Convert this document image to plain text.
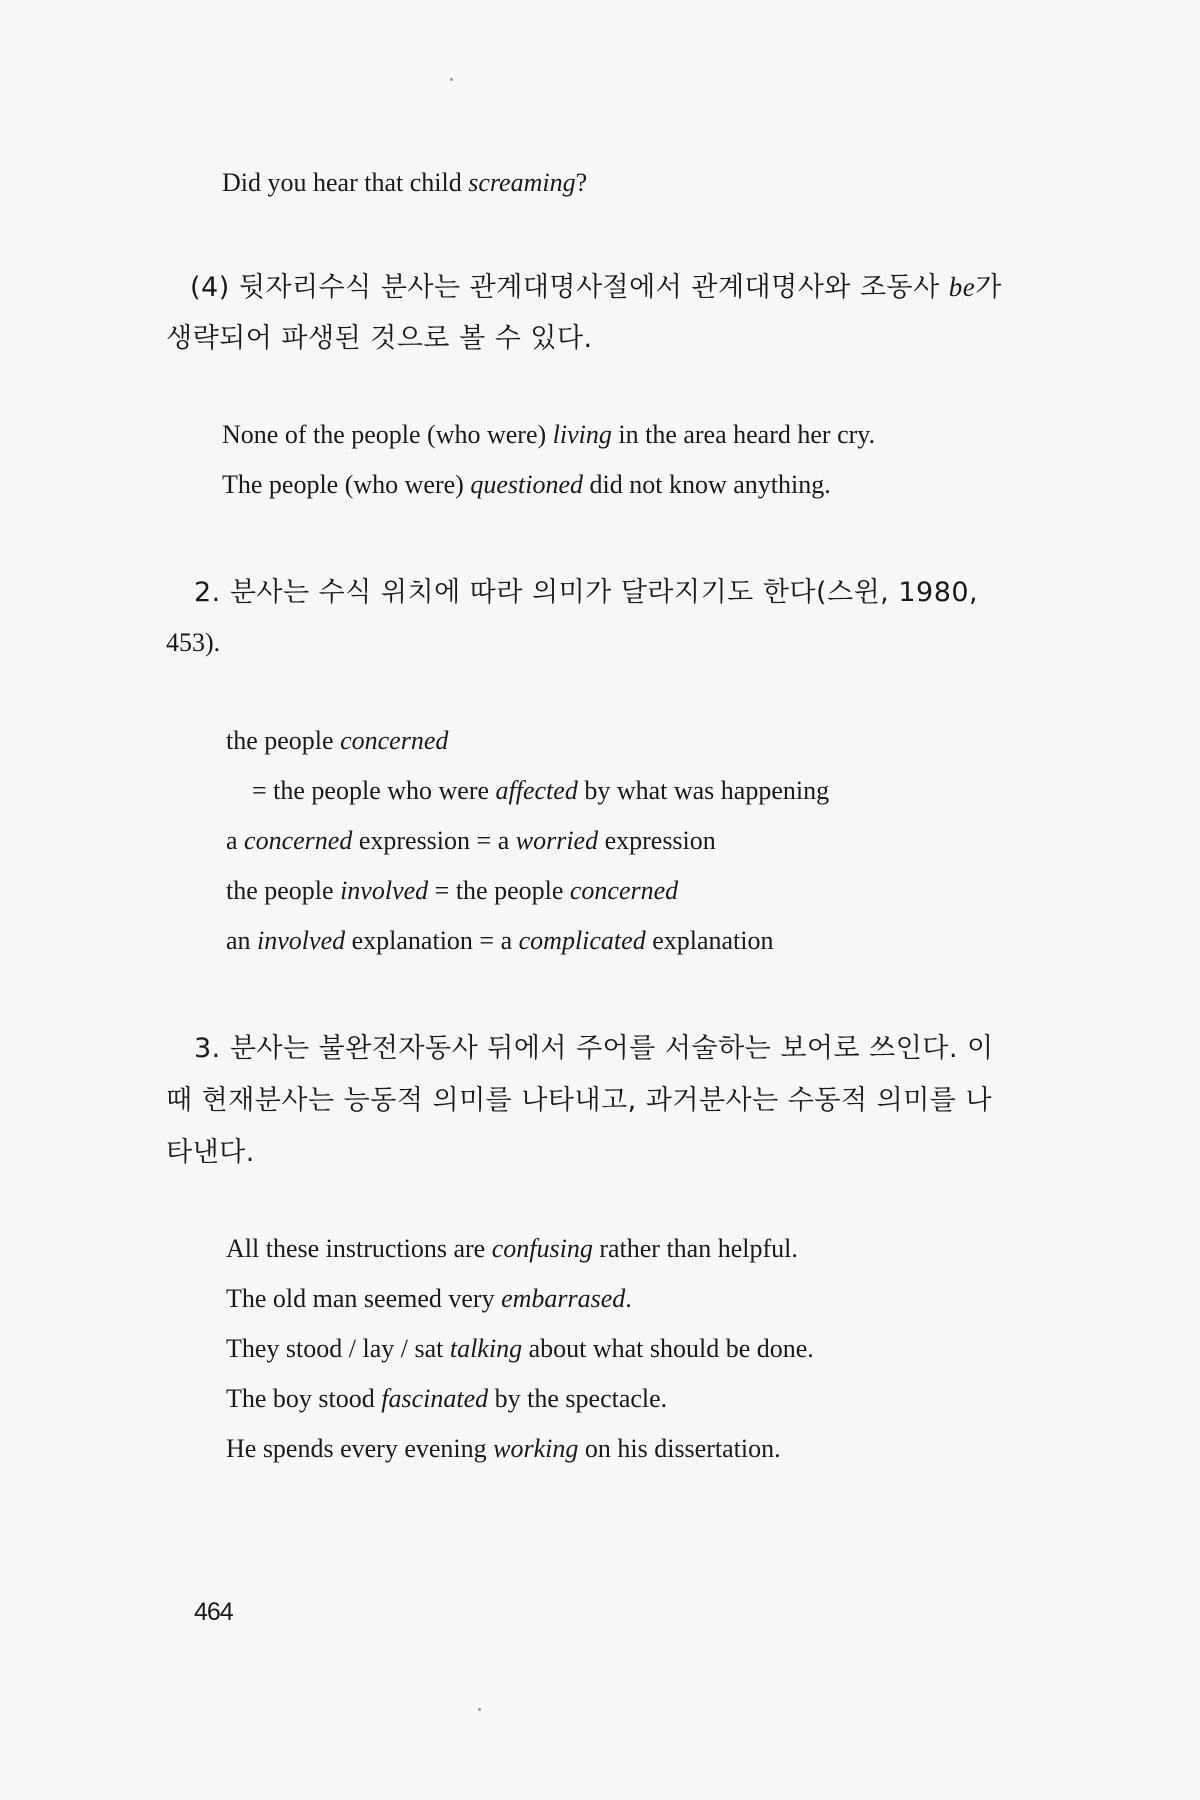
Did you hear that child screaming?
(4) 뒷자리수식 분사는 관계대명사절에서 관계대명사와 조동사 be가
생략되어 파생된 것으로 볼 수 있다.
None of the people (who were) living in the area heard her cry.
The people (who were) questioned did not know anything.
2. 분사는 수식 위치에 따라 의미가 달라지기도 한다(스윈, 1980,
453).
the people concerned
= the people who were affected by what was happening
a concerned expression = a worried expression
the people involved = the people concerned
an involved explanation = a complicated explanation
3. 분사는 불완전자동사 뒤에서 주어를 서술하는 보어로 쓰인다. 이
때 현재분사는 능동적 의미를 나타내고, 과거분사는 수동적 의미를 나
타낸다.
All these instructions are confusing rather than helpful.
The old man seemed very embarrased.
They stood / lay / sat talking about what should be done.
The boy stood fascinated by the spectacle.
He spends every evening working on his dissertation.
464
